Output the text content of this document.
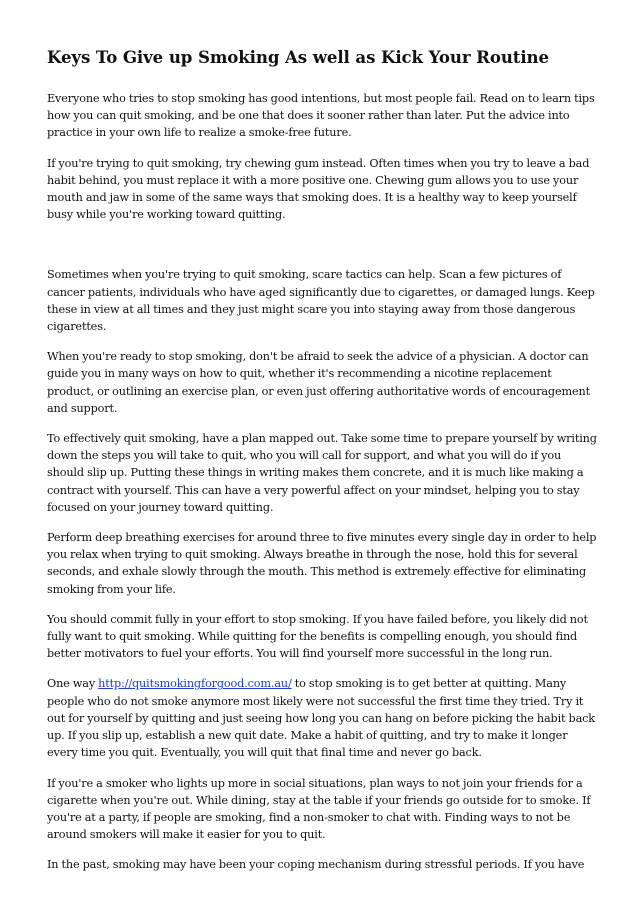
Keys To Give up Smoking As well as Kick Your Routine

Everyone who tries to stop smoking has good intentions, but most people fail. Read on to learn tips how you can quit smoking, and be one that does it sooner rather than later. Put the advice into practice in your own life to realize a smoke-free future.

If you're trying to quit smoking, try chewing gum instead. Often times when you try to leave a bad habit behind, you must replace it with a more positive one. Chewing gum allows you to use your mouth and jaw in some of the same ways that smoking does. It is a healthy way to keep yourself busy while you're working toward quitting.

Sometimes when you're trying to quit smoking, scare tactics can help. Scan a few pictures of cancer patients, individuals who have aged significantly due to cigarettes, or damaged lungs. Keep these in view at all times and they just might scare you into staying away from those dangerous cigarettes.

When you're ready to stop smoking, don't be afraid to seek the advice of a physician. A doctor can guide you in many ways on how to quit, whether it's recommending a nicotine replacement product, or outlining an exercise plan, or even just offering authoritative words of encouragement and support.

To effectively quit smoking, have a plan mapped out. Take some time to prepare yourself by writing down the steps you will take to quit, who you will call for support, and what you will do if you should slip up. Putting these things in writing makes them concrete, and it is much like making a contract with yourself. This can have a very powerful affect on your mindset, helping you to stay focused on your journey toward quitting.

Perform deep breathing exercises for around three to five minutes every single day in order to help you relax when trying to quit smoking. Always breathe in through the nose, hold this for several seconds, and exhale slowly through the mouth. This method is extremely effective for eliminating smoking from your life.

You should commit fully in your effort to stop smoking. If you have failed before, you likely did not fully want to quit smoking. While quitting for the benefits is compelling enough, you should find better motivators to fuel your efforts. You will find yourself more successful in the long run.

One way http://quitsmokingforgood.com.au/ to stop smoking is to get better at quitting. Many people who do not smoke anymore most likely were not successful the first time they tried. Try it out for yourself by quitting and just seeing how long you can hang on before picking the habit back up. If you slip up, establish a new quit date. Make a habit of quitting, and try to make it longer every time you quit. Eventually, you will quit that final time and never go back.

If you're a smoker who lights up more in social situations, plan ways to not join your friends for a cigarette when you're out. While dining, stay at the table if your friends go outside for to smoke. If you're at a party, if people are smoking, find a non-smoker to chat with. Finding ways to not be around smokers will make it easier for you to quit.

In the past, smoking may have been your coping mechanism during stressful periods. If you have
